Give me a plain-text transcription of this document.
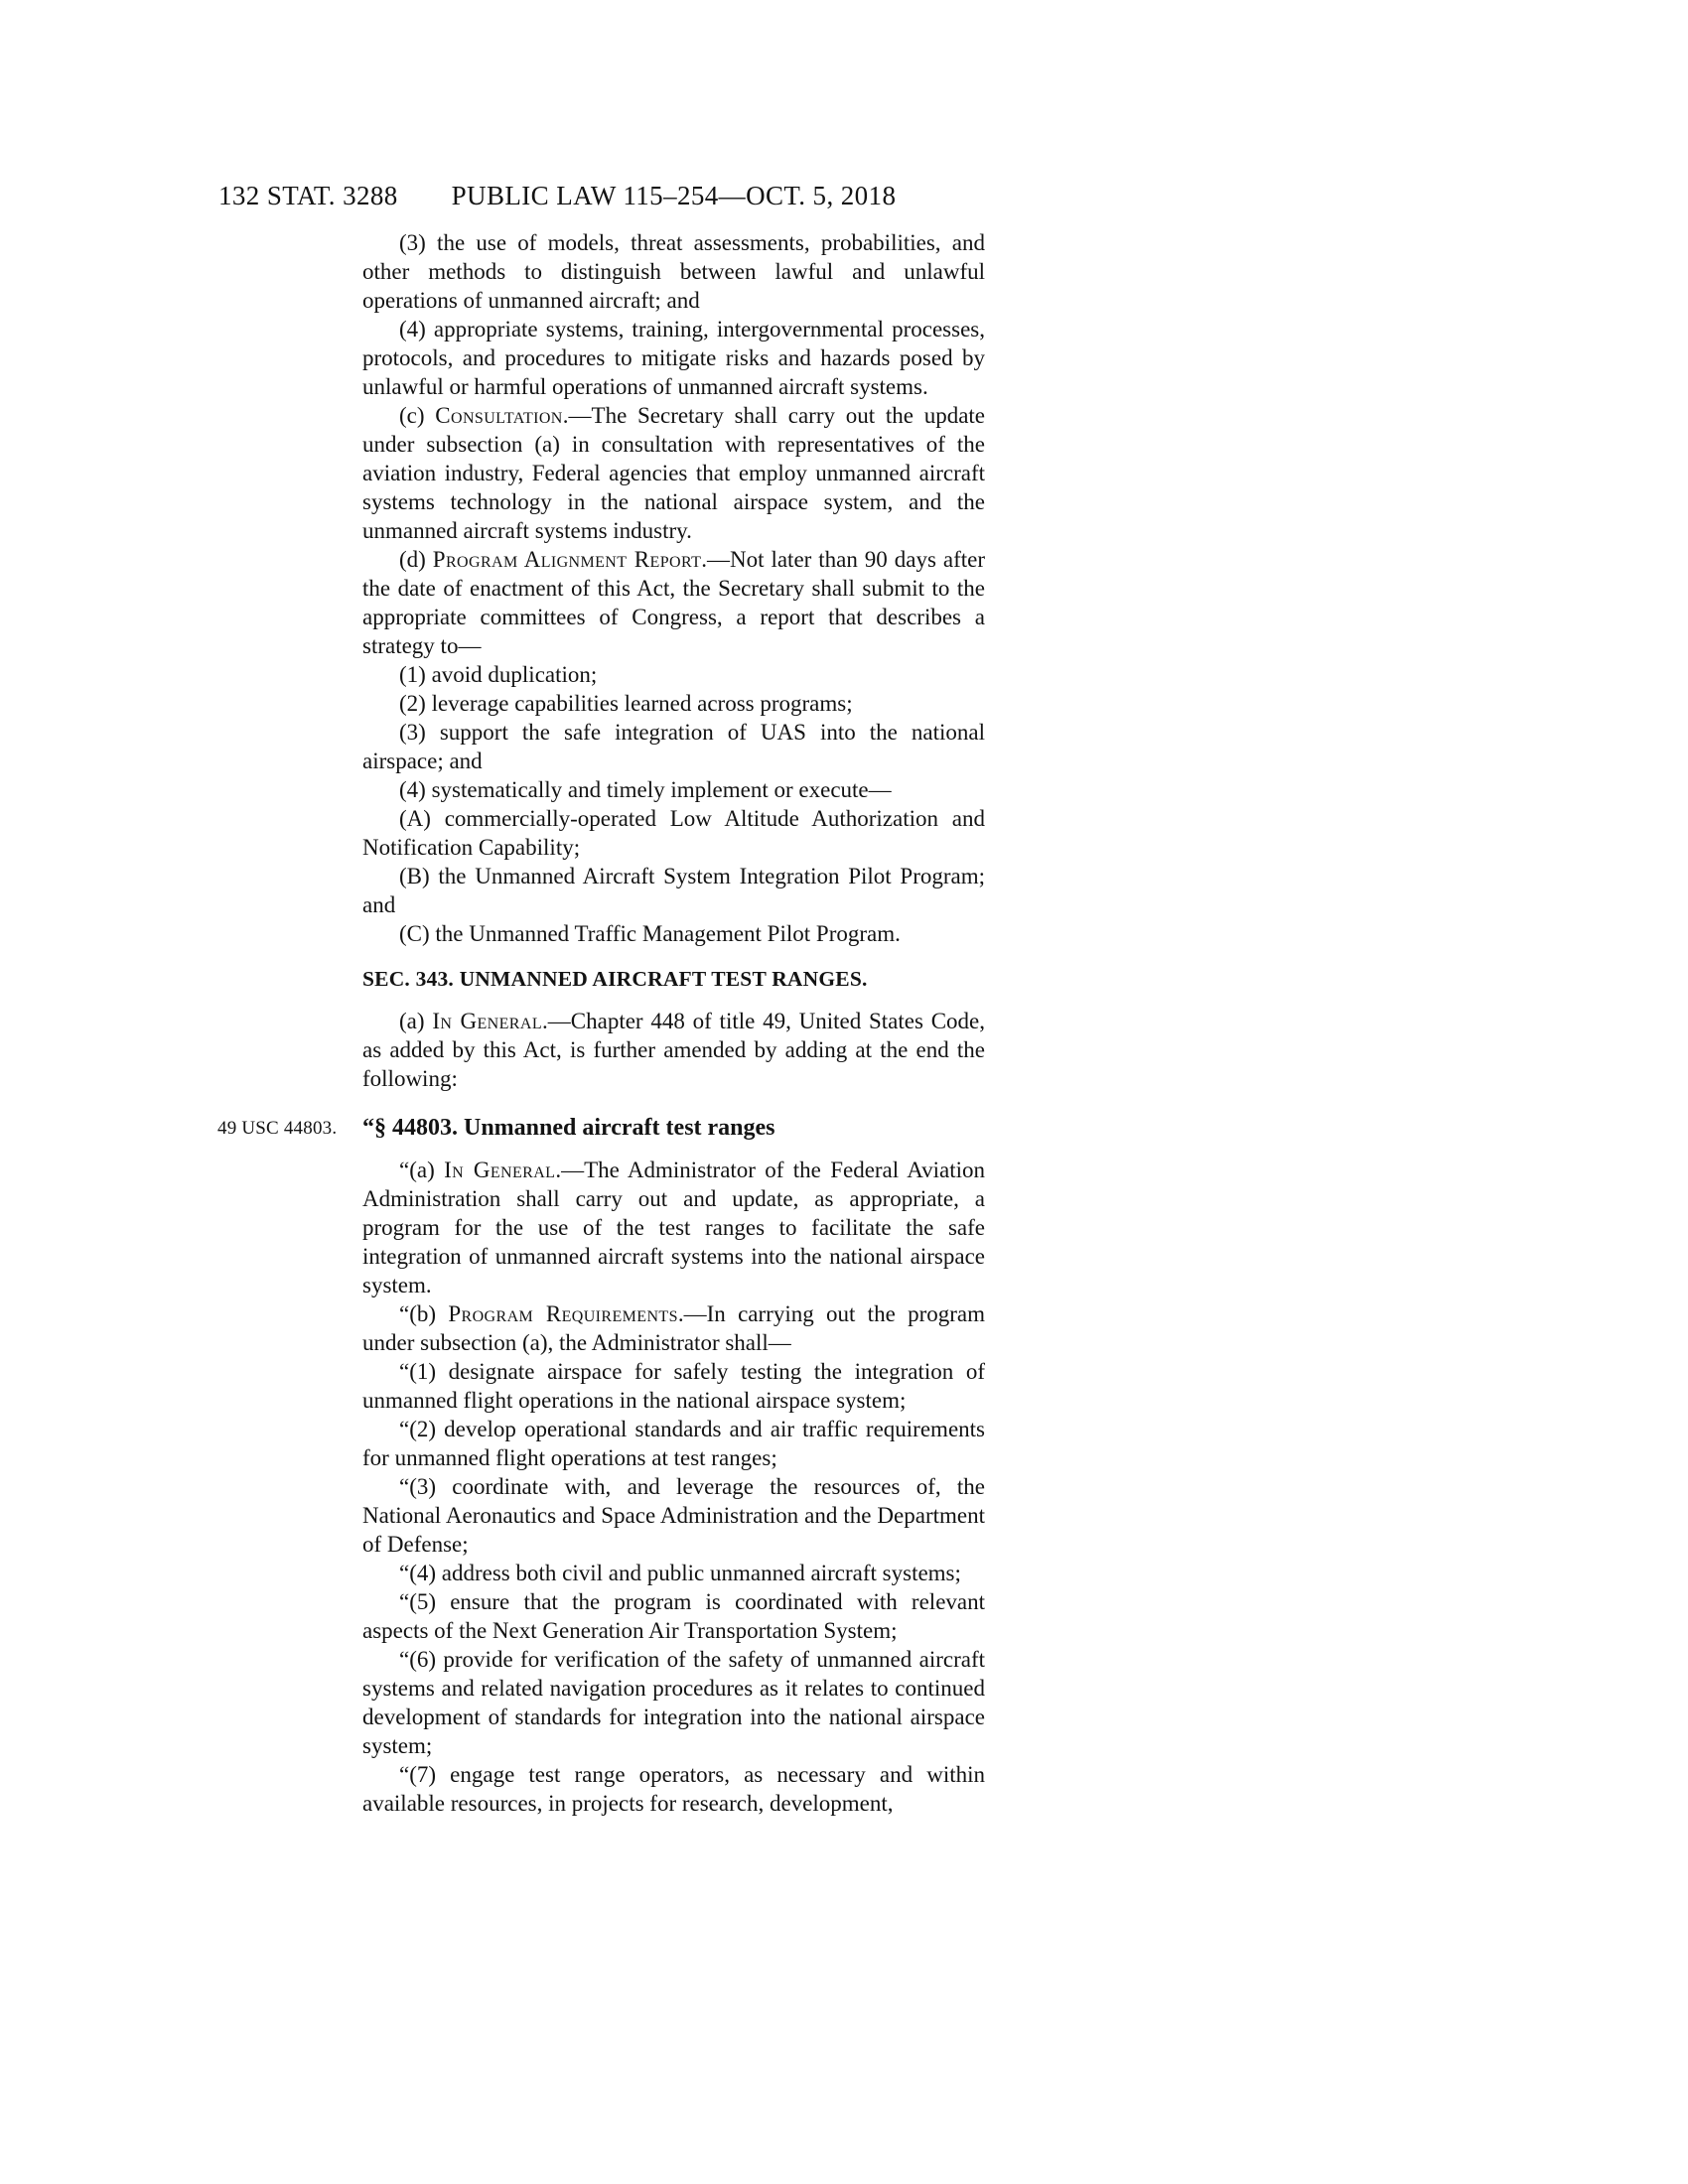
132 STAT. 3288	PUBLIC LAW 115–254—OCT. 5, 2018

(3) the use of models, threat assessments, probabilities, and other methods to distinguish between lawful and unlawful operations of unmanned aircraft; and

(4) appropriate systems, training, intergovernmental processes, protocols, and procedures to mitigate risks and hazards posed by unlawful or harmful operations of unmanned aircraft systems.

(c) Consultation.—The Secretary shall carry out the update under subsection (a) in consultation with representatives of the aviation industry, Federal agencies that employ unmanned aircraft systems technology in the national airspace system, and the unmanned aircraft systems industry.

(d) Program Alignment Report.—Not later than 90 days after the date of enactment of this Act, the Secretary shall submit to the appropriate committees of Congress, a report that describes a strategy to—

(1) avoid duplication;

(2) leverage capabilities learned across programs;

(3) support the safe integration of UAS into the national airspace; and

(4) systematically and timely implement or execute—

(A) commercially-operated Low Altitude Authorization and Notification Capability;

(B) the Unmanned Aircraft System Integration Pilot Program; and

(C) the Unmanned Traffic Management Pilot Program.

SEC. 343. UNMANNED AIRCRAFT TEST RANGES.

(a) In General.—Chapter 448 of title 49, United States Code, as added by this Act, is further amended by adding at the end the following:

49 USC 44803.	“§ 44803. Unmanned aircraft test ranges

“(a) In General.—The Administrator of the Federal Aviation Administration shall carry out and update, as appropriate, a program for the use of the test ranges to facilitate the safe integration of unmanned aircraft systems into the national airspace system.

“(b) Program Requirements.—In carrying out the program under subsection (a), the Administrator shall—

“(1) designate airspace for safely testing the integration of unmanned flight operations in the national airspace system;

“(2) develop operational standards and air traffic requirements for unmanned flight operations at test ranges;

“(3) coordinate with, and leverage the resources of, the National Aeronautics and Space Administration and the Department of Defense;

“(4) address both civil and public unmanned aircraft systems;

“(5) ensure that the program is coordinated with relevant aspects of the Next Generation Air Transportation System;

“(6) provide for verification of the safety of unmanned aircraft systems and related navigation procedures as it relates to continued development of standards for integration into the national airspace system;

“(7) engage test range operators, as necessary and within available resources, in projects for research, development,
